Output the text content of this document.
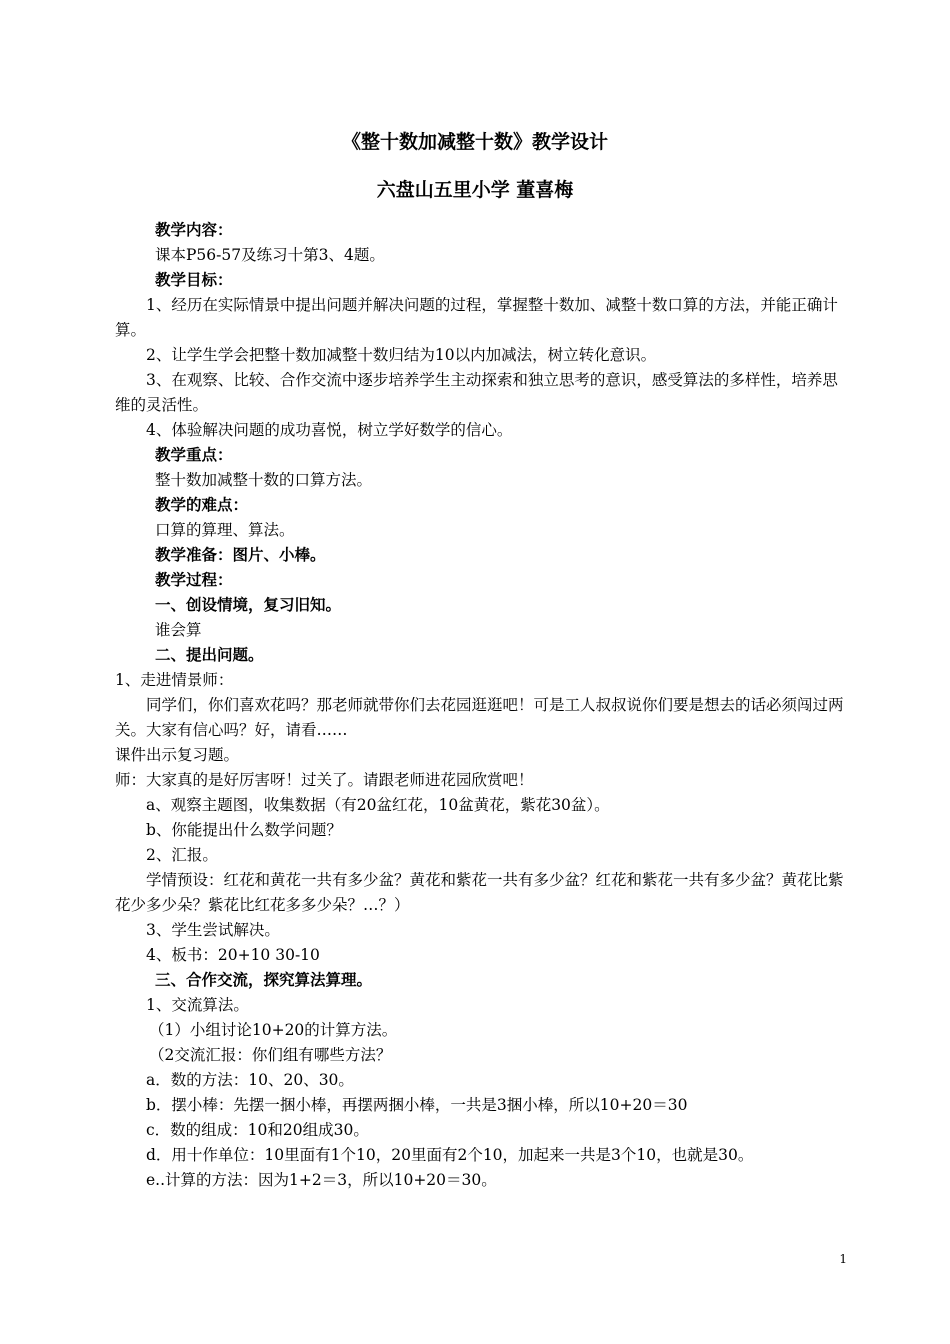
《整十数加减整十数》教学设计
六盘山五里小学 董喜梅

教学内容：

课本P56-57及练习十第3、4题。

教学目标：

1、经历在实际情景中提出问题并解决问题的过程，掌握整十数加、减整十数口算的方法，并能正确计算。

2、让学生学会把整十数加减整十数归结为10以内加减法，树立转化意识。

3、在观察、比较、合作交流中逐步培养学生主动探索和独立思考的意识，感受算法的多样性，培养思维的灵活性。

4、体验解决问题的成功喜悦，树立学好数学的信心。

教学重点：

整十数加减整十数的口算方法。

教学的难点：

口算的算理、算法。

教学准备：图片、小棒。

教学过程：

一、创设情境，复习旧知。

谁会算

二、提出问题。

1、走进情景师：

同学们，你们喜欢花吗？那老师就带你们去花园逛逛吧！可是工人叔叔说你们要是想去的话必须闯过两关。大家有信心吗？好，请看……

课件出示复习题。

师：大家真的是好厉害呀！过关了。请跟老师进花园欣赏吧！

a、观察主题图，收集数据（有20盆红花，10盆黄花，紫花30盆）。

b、你能提出什么数学问题？

2、汇报。

学情预设：红花和黄花一共有多少盆？黄花和紫花一共有多少盆？红花和紫花一共有多少盆？黄花比紫花少多少朵？紫花比红花多多少朵？…？）

3、学生尝试解决。

4、板书：20+10 30-10

三、合作交流，探究算法算理。

1、交流算法。

（1）小组讨论10+20的计算方法。

（2交流汇报：你们组有哪些方法？

a．数的方法：10、20、30。

b．摆小棒：先摆一捆小棒，再摆两捆小棒，一共是3捆小棒，所以10+20＝30

c．数的组成：10和20组成30。

d．用十作单位：10里面有1个10，20里面有2个10，加起来一共是3个10，也就是30。

e..计算的方法：因为1+2＝3，所以10+20＝30。

1
